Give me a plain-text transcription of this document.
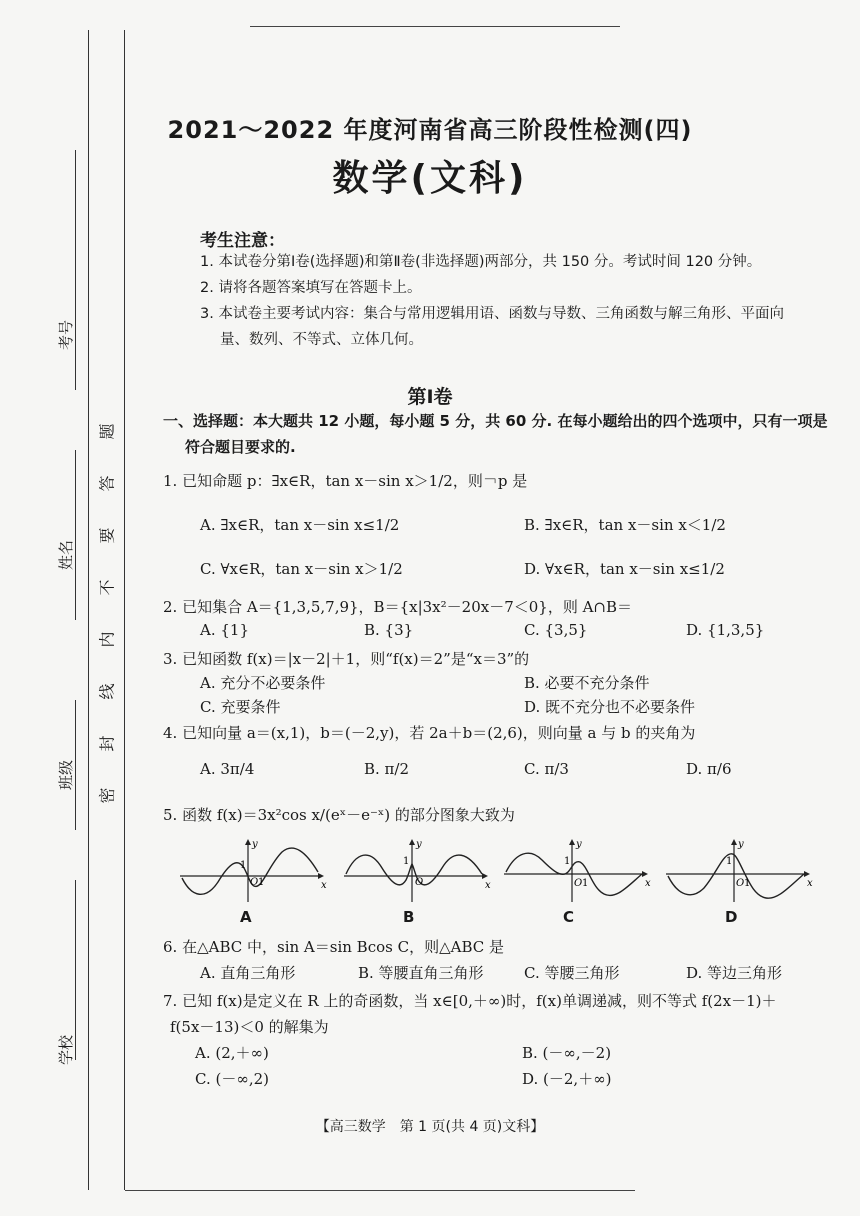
考号
姓名
班级
学校
密
封
线
内
不
要
答
题
2021～2022 年度河南省高三阶段性检测(四)
数学(文科)
考生注意：
1. 本试卷分第Ⅰ卷(选择题)和第Ⅱ卷(非选择题)两部分，共 150 分。考试时间 120 分钟。
2. 请将各题答案填写在答题卡上。
3. 本试卷主要考试内容：集合与常用逻辑用语、函数与导数、三角函数与解三角形、平面向
量、数列、不等式、立体几何。
第Ⅰ卷
一、选择题：本大题共 12 小题，每小题 5 分，共 60 分. 在每小题给出的四个选项中，只有一项是
符合题目要求的.
1. 已知命题 p：∃x∈R，tan x－sin x＞1/2，则￢p 是
A. ∃x∈R，tan x－sin x≤1/2	B. ∃x∈R，tan x－sin x＜1/2
C. ∀x∈R，tan x－sin x＞1/2	D. ∀x∈R，tan x－sin x≤1/2
2. 已知集合 A＝{1,3,5,7,9}，B＝{x|3x²－20x－7＜0}，则 A∩B＝
A. {1}	B. {3}	C. {3,5}	D. {1,3,5}
3. 已知函数 f(x)＝|x－2|＋1，则“f(x)＝2”是“x＝3”的
A. 充分不必要条件	B. 必要不充分条件
C. 充要条件	D. 既不充分也不必要条件
4. 已知向量 a＝(x,1)，b＝(－2,y)，若 2a＋b＝(2,6)，则向量 a 与 b 的夹角为
A. 3π/4	B. π/2	C. π/3	D. π/6
5. 函数 f(x)＝3x²cos x/(eˣ－e⁻ˣ) 的部分图象大致为
x
y
1
O 1
A
x
y
1
O
B
x
y
1
O 1
C
x
y
1
O 1
D
6. 在△ABC 中，sin A＝sin Bcos C，则△ABC 是
A. 直角三角形	B. 等腰直角三角形	C. 等腰三角形	D. 等边三角形
7. 已知 f(x)是定义在 R 上的奇函数，当 x∈[0,＋∞)时，f(x)单调递减，则不等式 f(2x－1)＋
f(5x－13)＜0 的解集为
A. (2,＋∞)	B. (－∞,－2)
C. (－∞,2)	D. (－2,＋∞)
【高三数学　第 1 页(共 4 页)文科】
